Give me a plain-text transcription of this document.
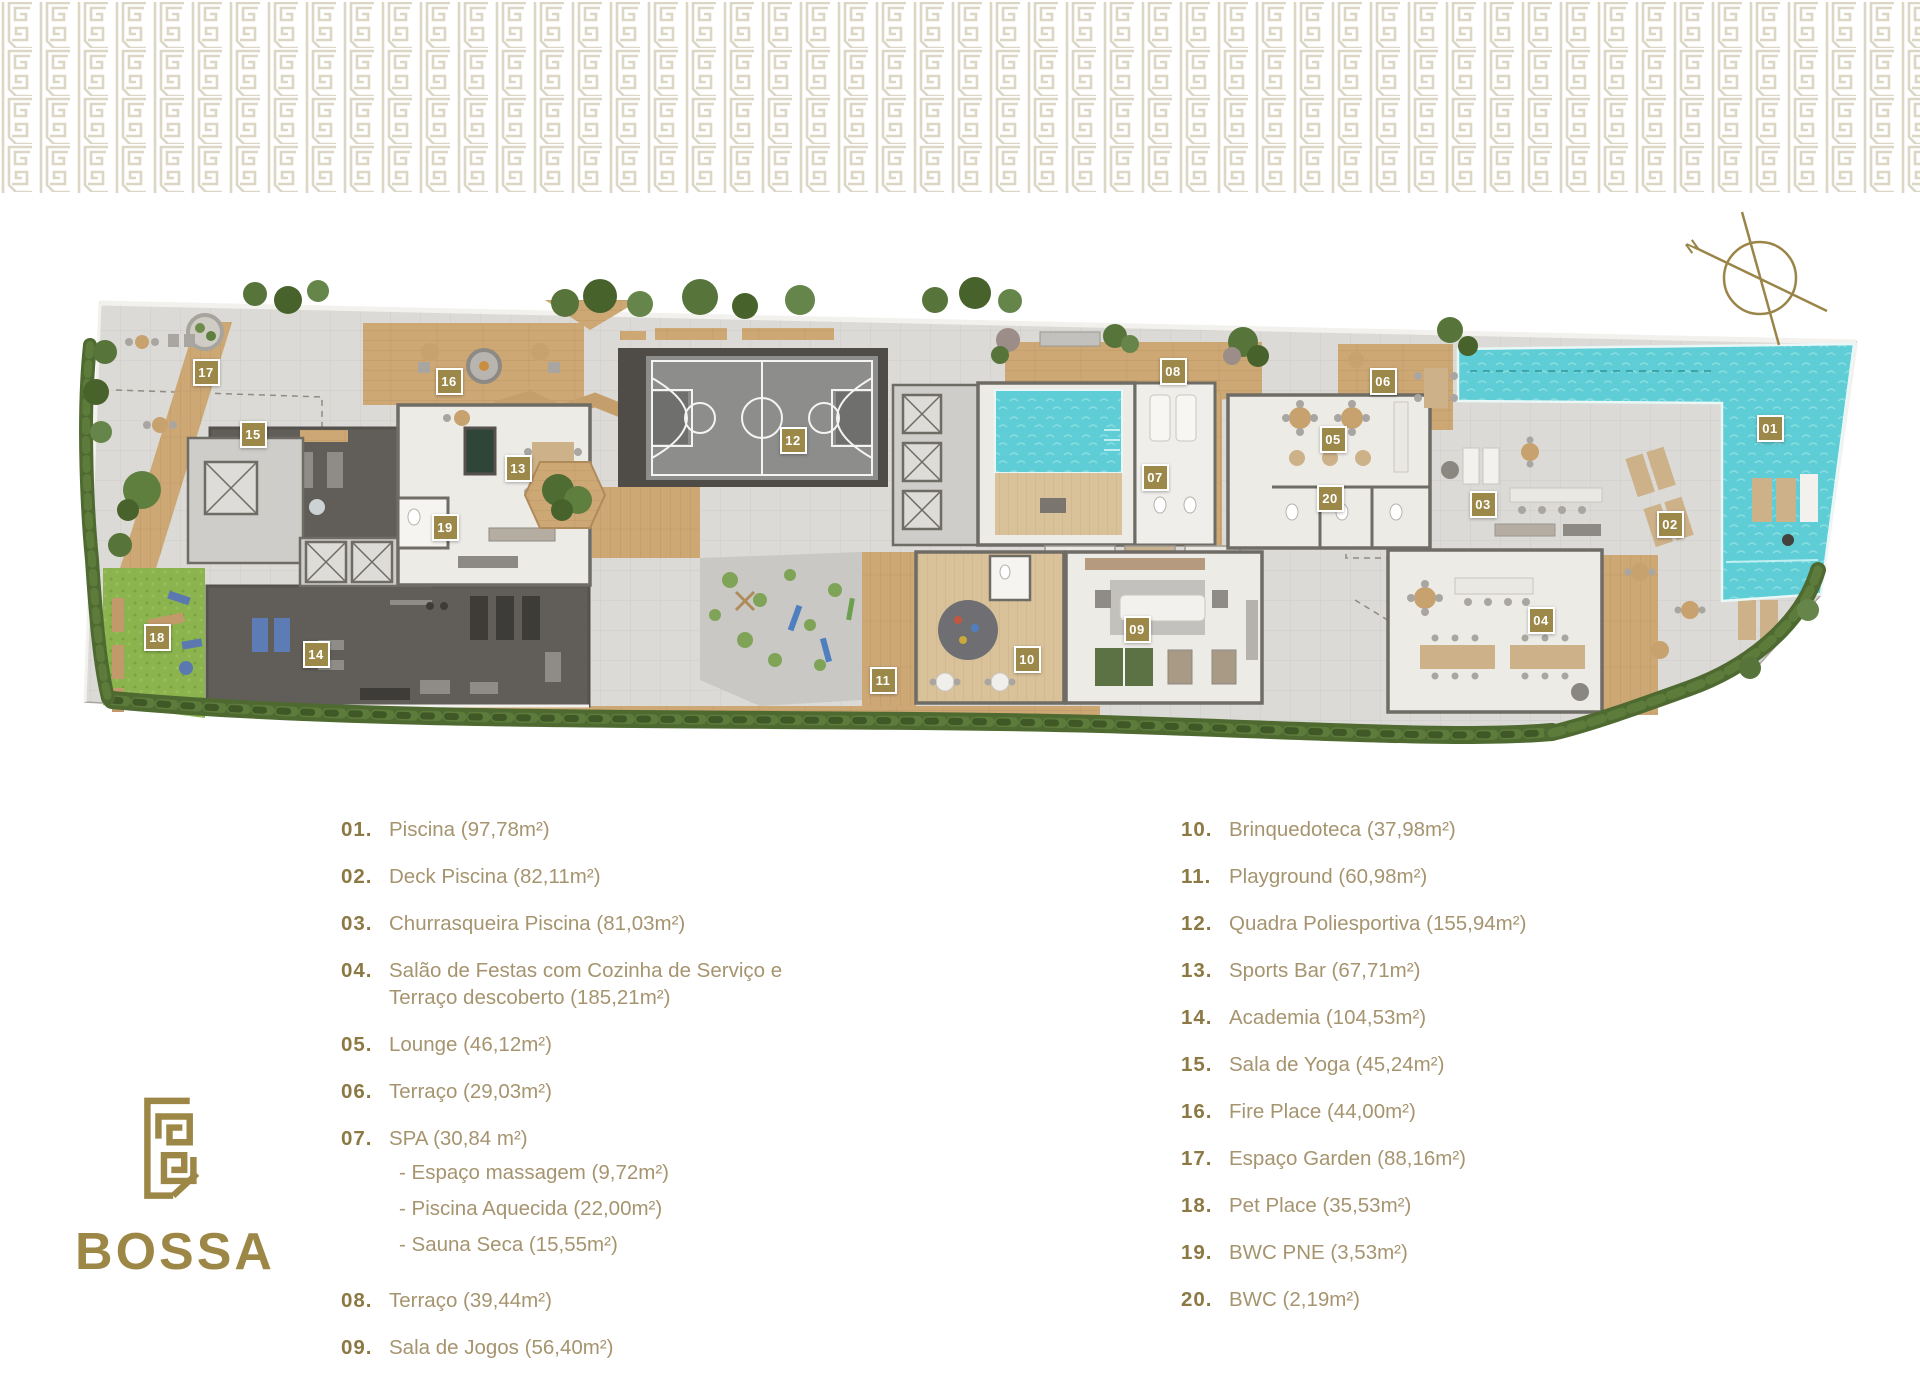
N
17
16
15
13
12
19
14
18
11
10
09
08
07
05
20
06
03
02
04
01
01. Piscina (97,78m²)
02. Deck Piscina (82,11m²)
03. Churrasqueira Piscina (81,03m²)
04. Salão de Festas com Cozinha de Serviço e Terraço descoberto (185,21m²)
05. Lounge (46,12m²)
06. Terraço (29,03m²)
07. SPA (30,84 m²)
- Espaço massagem (9,72m²)
- Piscina Aquecida (22,00m²)
- Sauna Seca (15,55m²)
08. Terraço (39,44m²)
09. Sala de Jogos (56,40m²)
10. Brinquedoteca (37,98m²)
11. Playground (60,98m²)
12. Quadra Poliesportiva (155,94m²)
13. Sports Bar (67,71m²)
14. Academia (104,53m²)
15. Sala de Yoga (45,24m²)
16. Fire Place (44,00m²)
17. Espaço Garden (88,16m²)
18. Pet Place (35,53m²)
19. BWC PNE (3,53m²)
20. BWC (2,19m²)
BOSSA
